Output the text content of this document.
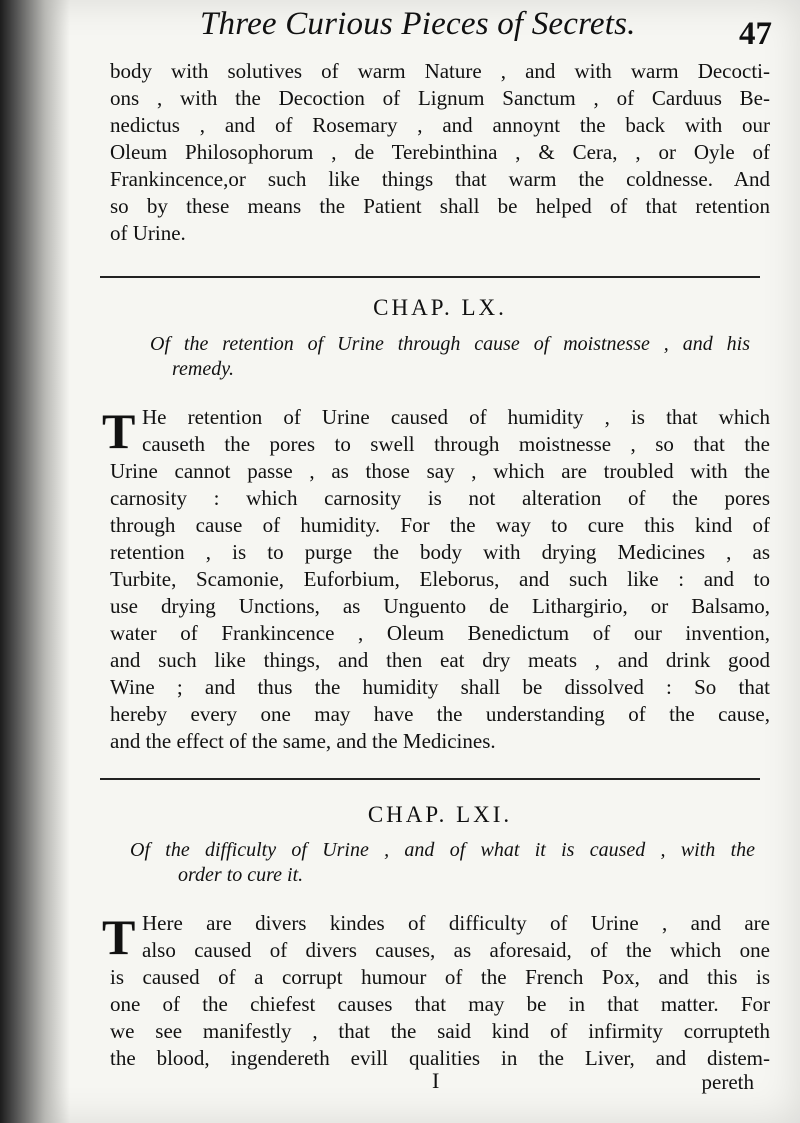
Three Curious Pieces of Secrets.	47
body with solutives of warm Nature , and with warm Decocti-
ons , with the Decoction of Lignum Sanctum , of Carduus Be-
nedictus , and of Rosemary , and annoynt the back with our
Oleum Philosophorum , de Terebinthina , & Cera, , or Oyle of
Frankincence,or such like things that warm the coldnesse. And
so by these means the Patient shall be helped of that retention
of Urine.
CHAP. LX.
Of the retention of Urine through cause of moistnesse , and his
remedy.
T He retention of Urine caused of humidity , is that which
causeth the pores to swell through moistnesse , so that the
Urine cannot passe , as those say , which are troubled with the
carnosity : which carnosity is not alteration of the pores
through cause of humidity. For the way to cure this kind of
retention , is to purge the body with drying Medicines , as
Turbite, Scamonie, Euforbium, Eleborus, and such like : and to
use drying Unctions, as Unguento de Lithargirio, or Balsamo,
water of Frankincence , Oleum Benedictum of our invention,
and such like things, and then eat dry meats , and drink good
Wine ; and thus the humidity shall be dissolved : So that
hereby every one may have the understanding of the cause,
and the effect of the same, and the Medicines.
CHAP. LXI.
Of the difficulty of Urine , and of what it is caused , with the
order to cure it.
T Here are divers kindes of difficulty of Urine , and are
also caused of divers causes, as aforesaid, of the which one
is caused of a corrupt humour of the French Pox, and this is
one of the chiefest causes that may be in that matter. For
we see manifestly , that the said kind of infirmity corrupteth
the blood, ingendereth evill qualities in the Liver, and distem-
I	pereth
